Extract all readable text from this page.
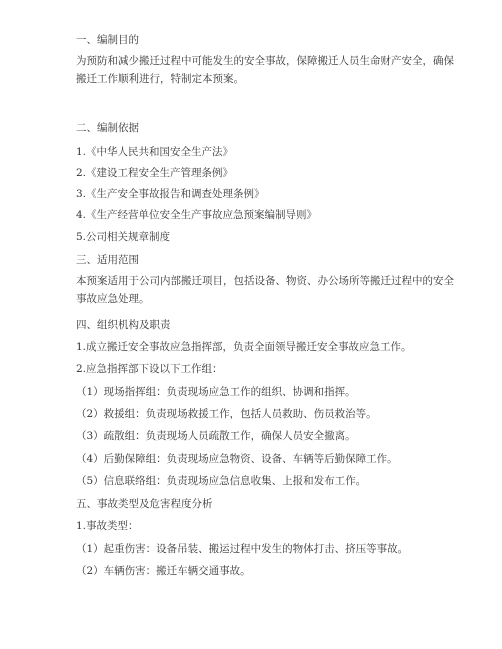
一、编制目的
为预防和减少搬迁过程中可能发生的安全事故，保障搬迁人员生命财产安全，确保
搬迁工作顺利进行，特制定本预案。
二、编制依据
1.《中华人民共和国安全生产法》
2.《建设工程安全生产管理条例》
3.《生产安全事故报告和调查处理条例》
4.《生产经营单位安全生产事故应急预案编制导则》
5.公司相关规章制度
三、适用范围
本预案适用于公司内部搬迁项目，包括设备、物资、办公场所等搬迁过程中的安全
事故应急处理。
四、组织机构及职责
1.成立搬迁安全事故应急指挥部，负责全面领导搬迁安全事故应急工作。
2.应急指挥部下设以下工作组：
（1）现场指挥组：负责现场应急工作的组织、协调和指挥。
（2）救援组：负责现场救援工作，包括人员救助、伤员救治等。
（3）疏散组：负责现场人员疏散工作，确保人员安全撤离。
（4）后勤保障组：负责现场应急物资、设备、车辆等后勤保障工作。
（5）信息联络组：负责现场应急信息收集、上报和发布工作。
五、事故类型及危害程度分析
1.事故类型：
（1）起重伤害：设备吊装、搬运过程中发生的物体打击、挤压等事故。
（2）车辆伤害：搬迁车辆交通事故。
